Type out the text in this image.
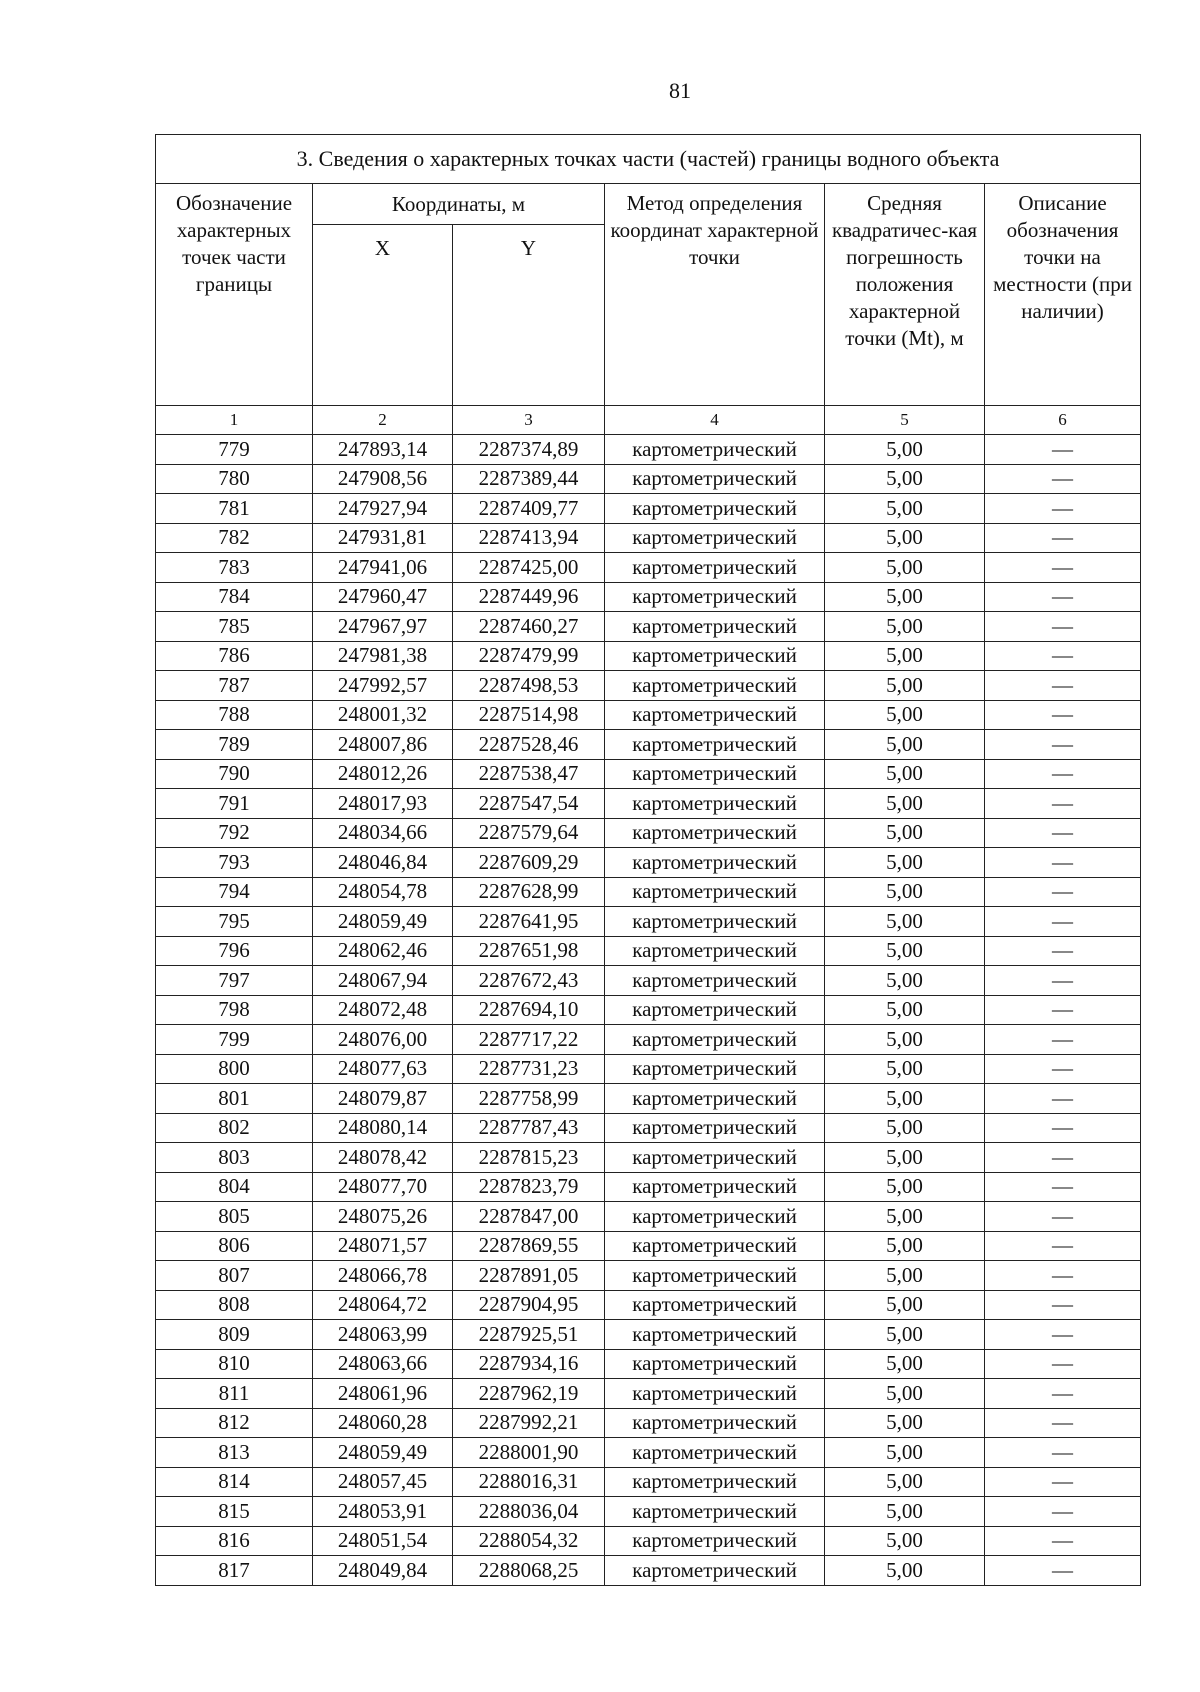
81
3. Сведения о характерных точках части (частей) границы водного объекта					
Обозначение характерных точек части границы	Координаты, м		Метод определения координат характерной точки	Средняя квадратичес-кая погрешность положения характерной точки (Mt), м	Описание обозначения точки на местности (при наличии)
	X	Y			
1	2	3	4	5	6
779	247893,14	2287374,89	картометрический	5,00	—
780	247908,56	2287389,44	картометрический	5,00	—
781	247927,94	2287409,77	картометрический	5,00	—
782	247931,81	2287413,94	картометрический	5,00	—
783	247941,06	2287425,00	картометрический	5,00	—
784	247960,47	2287449,96	картометрический	5,00	—
785	247967,97	2287460,27	картометрический	5,00	—
786	247981,38	2287479,99	картометрический	5,00	—
787	247992,57	2287498,53	картометрический	5,00	—
788	248001,32	2287514,98	картометрический	5,00	—
789	248007,86	2287528,46	картометрический	5,00	—
790	248012,26	2287538,47	картометрический	5,00	—
791	248017,93	2287547,54	картометрический	5,00	—
792	248034,66	2287579,64	картометрический	5,00	—
793	248046,84	2287609,29	картометрический	5,00	—
794	248054,78	2287628,99	картометрический	5,00	—
795	248059,49	2287641,95	картометрический	5,00	—
796	248062,46	2287651,98	картометрический	5,00	—
797	248067,94	2287672,43	картометрический	5,00	—
798	248072,48	2287694,10	картометрический	5,00	—
799	248076,00	2287717,22	картометрический	5,00	—
800	248077,63	2287731,23	картометрический	5,00	—
801	248079,87	2287758,99	картометрический	5,00	—
802	248080,14	2287787,43	картометрический	5,00	—
803	248078,42	2287815,23	картометрический	5,00	—
804	248077,70	2287823,79	картометрический	5,00	—
805	248075,26	2287847,00	картометрический	5,00	—
806	248071,57	2287869,55	картометрический	5,00	—
807	248066,78	2287891,05	картометрический	5,00	—
808	248064,72	2287904,95	картометрический	5,00	—
809	248063,99	2287925,51	картометрический	5,00	—
810	248063,66	2287934,16	картометрический	5,00	—
811	248061,96	2287962,19	картометрический	5,00	—
812	248060,28	2287992,21	картометрический	5,00	—
813	248059,49	2288001,90	картометрический	5,00	—
814	248057,45	2288016,31	картометрический	5,00	—
815	248053,91	2288036,04	картометрический	5,00	—
816	248051,54	2288054,32	картометрический	5,00	—
817	248049,84	2288068,25	картометрический	5,00	—
